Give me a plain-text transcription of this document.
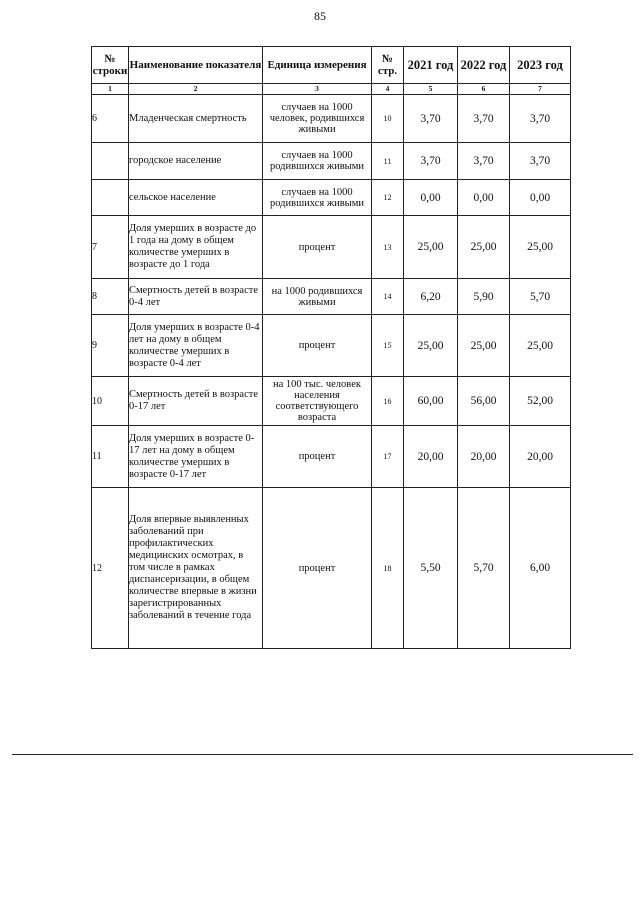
85
№ строки	Наименование показателя	Единица измерения	№ стр.	2021 год	2022 год	2023 год
1	2	3	4	5	6	7
6	Младенческая смертность	случаев на 1000 человек, родившихся живыми	10	3,70	3,70	3,70
	городское население	случаев на 1000 родившихся живыми	11	3,70	3,70	3,70
	сельское население	случаев на 1000 родившихся живыми	12	0,00	0,00	0,00
7	Доля умерших в возрасте до 1 года на дому в общем количестве умерших в возрасте до 1 года	процент	13	25,00	25,00	25,00
8	Смертность детей в возрасте 0-4 лет	на 1000 родившихся живыми	14	6,20	5,90	5,70
9	Доля умерших в возрасте 0-4 лет на дому в общем количестве умерших в возрасте 0-4 лет	процент	15	25,00	25,00	25,00
10	Смертность детей в возрасте 0-17 лет	на 100 тыс. человек населения соответствующего возраста	16	60,00	56,00	52,00
11	Доля умерших в возрасте 0-17 лет на дому в общем количестве умерших в возрасте 0-17 лет	процент	17	20,00	20,00	20,00
12	Доля впервые выявленных заболеваний при профилактических медицинских осмотрах, в том числе в рамках диспансеризации, в общем количестве впервые в жизни зарегистрированных заболеваний в течение года	процент	18	5,50	5,70	6,00
